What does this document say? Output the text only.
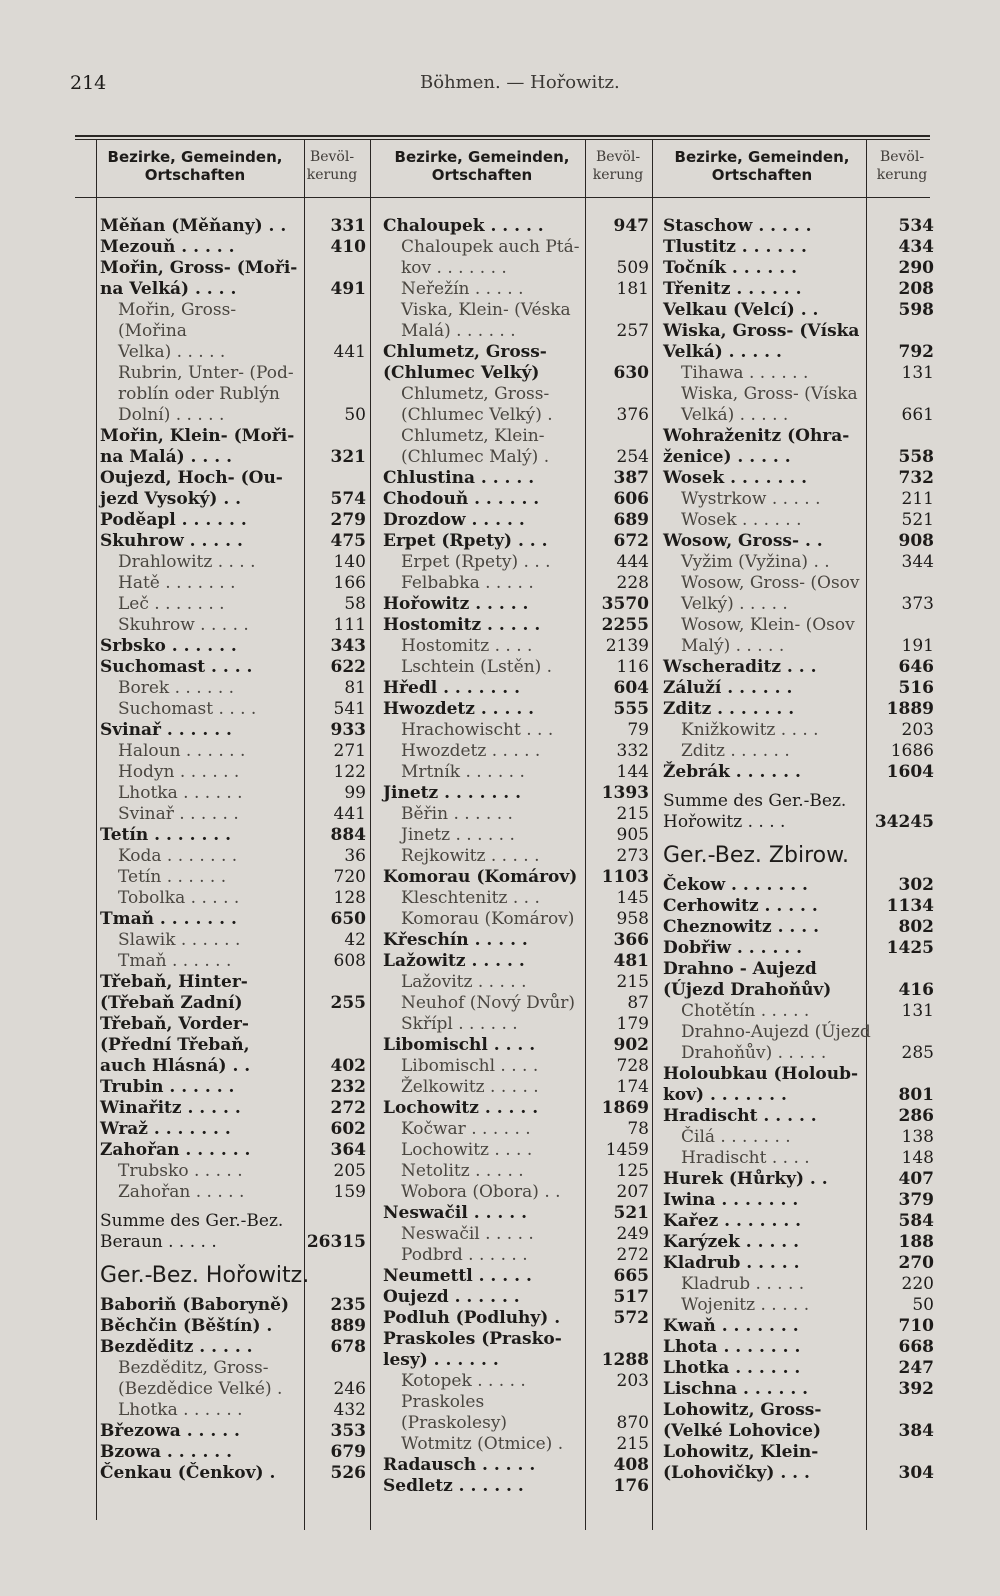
214	Böhmen. — Hořowitz.
Bezirke, Gemeinden, Ortschaften
Bevöl-kerung
Bezirke, Gemeinden, Ortschaften
Bevöl-kerung
Bezirke, Gemeinden, Ortschaften
Bevöl-kerung
Měňan (Měňany) . .	331
Mezouň . . . . .	410
Mořin, Gross- (Moři-
na Velká) . . . .	491
Mořin, Gross-(Mořina
Velka) . . . . .	441
Rubrin, Unter- (Pod-
roblín oder Rublýn
Dolní) . . . . .	50
Mořin, Klein- (Moři-
na Malá) . . . .	321
Oujezd, Hoch- (Ou-
jezd Vysoký) . .	574
Poděapl . . . . . .	279
Skuhrow . . . . .	475
Drahlowitz . . . .	140
Hatě . . . . . . .	166
Leč . . . . . . .	58
Skuhrow . . . . .	111
Srbsko . . . . . .	343
Suchomast . . . .	622
Borek . . . . . .	81
Suchomast . . . .	541
Svinař . . . . . .	933
Haloun . . . . . .	271
Hodyn . . . . . .	122
Lhotka . . . . . .	99
Svinař . . . . . .	441
Tetín . . . . . . .	884
Koda . . . . . . .	36
Tetín . . . . . .	720
Tobolka . . . . .	128
Tmaň . . . . . . .	650
Slawik . . . . . .	42
Tmaň . . . . . .	608
Třebaň, Hinter-
(Třebaň Zadní)	255
Třebaň, Vorder-
(Přední Třebaň,
auch Hlásná) . .	402
Trubin . . . . . .	232
Winařitz . . . . .	272
Wraž . . . . . . .	602
Zahořan . . . . . .	364
Trubsko . . . . .	205
Zahořan . . . . .	159
Summe des Ger.-Bez.
Beraun . . . . .	26315
Ger.-Bez. Hořowitz.
Baboriň (Baboryně)	235
Běchčin (Běštín) .	889
Bezděditz . . . . .	678
Bezděditz, Gross-
(Bezdědice Velké) .	246
Lhotka . . . . . .	432
Březowa . . . . .	353
Bzowa . . . . . .	679
Čenkau (Čenkov) .	526
Chaloupek . . . . .	947
Chaloupek auch Ptá-
kov . . . . . . .	509
Neřežín . . . . .	181
Viska, Klein- (Véska
Malá) . . . . . .	257
Chlumetz, Gross-
(Chlumec Velký)	630
Chlumetz, Gross-
(Chlumec Velký) .	376
Chlumetz, Klein-
(Chlumec Malý) .	254
Chlustina . . . . .	387
Chodouň . . . . . .	606
Drozdow . . . . .	689
Erpet (Rpety) . . .	672
Erpet (Rpety) . . .	444
Felbabka . . . . .	228
Hořowitz . . . . .	3570
Hostomitz . . . . .	2255
Hostomitz . . . .	2139
Lschtein (Lstěn) .	116
Hředl . . . . . . .	604
Hwozdetz . . . . .	555
Hrachowischt . . .	79
Hwozdetz . . . . .	332
Mrtník . . . . . .	144
Jinetz . . . . . . .	1393
Běřin . . . . . .	215
Jinetz . . . . . .	905
Rejkowitz . . . . .	273
Komorau (Komárov)	1103
Kleschtenitz . . .	145
Komorau (Komárov)	958
Křeschín . . . . .	366
Lažowitz . . . . .	481
Lažovitz . . . . .	215
Neuhof (Nový Dvůr)	87
Skřípl . . . . . .	179
Libomischl . . . .	902
Libomischl . . . .	728
Želkowitz . . . . .	174
Lochowitz . . . . .	1869
Kočwar . . . . . .	78
Lochowitz . . . .	1459
Netolitz . . . . .	125
Wobora (Obora) . .	207
Neswačil . . . . .	521
Neswačil . . . . .	249
Podbrd . . . . . .	272
Neumettl . . . . .	665
Oujezd . . . . . .	517
Podluh (Podluhy) .	572
Praskoles (Prasko-
lesy) . . . . . .	1288
Kotopek . . . . .	203
Praskoles (Praskolesy)	870
Wotmitz (Otmice) .	215
Radausch . . . . .	408
Sedletz . . . . . .	176
Staschow . . . . .	534
Tlustitz . . . . . .	434
Točník . . . . . .	290
Třenitz . . . . . .	208
Velkau (Velcí) . .	598
Wiska, Gross- (Víska
Velká) . . . . .	792
Tihawa . . . . . .	131
Wiska, Gross- (Víska
Velká) . . . . .	661
Wohraženitz (Ohra-
ženice) . . . . .	558
Wosek . . . . . . .	732
Wystrkow . . . . .	211
Wosek . . . . . .	521
Wosow, Gross- . .	908
Vyžim (Vyžina) . .	344
Wosow, Gross- (Osov
Velký) . . . . .	373
Wosow, Klein- (Osov
Malý) . . . . .	191
Wscheraditz . . .	646
Záluží . . . . . .	516
Zditz . . . . . . .	1889
Knižkowitz . . . .	203
Zditz . . . . . .	1686
Žebrák . . . . . .	1604
Summe des Ger.-Bez.
Hořowitz . . . .	34245
Ger.-Bez. Zbirow.
Čekow . . . . . . .	302
Cerhowitz . . . . .	1134
Cheznowitz . . . .	802
Dobřiw . . . . . .	1425
Drahno - Aujezd
(Újezd Drahoňův)	416
Chotětín . . . . .	131
Drahno-Aujezd (Újezd
Drahoňův) . . . . .	285
Holoubkau (Holoub-
kov) . . . . . . .	801
Hradischt . . . . .	286
Čilá . . . . . . .	138
Hradischt . . . .	148
Hurek (Hůrky) . .	407
Iwina . . . . . . .	379
Kařez . . . . . . .	584
Karýzek . . . . .	188
Kladrub . . . . .	270
Kladrub . . . . .	220
Wojenitz . . . . .	50
Kwaň . . . . . . .	710
Lhota . . . . . . .	668
Lhotka . . . . . .	247
Lischna . . . . . .	392
Lohowitz, Gross-
(Velké Lohovice)	384
Lohowitz, Klein-
(Lohovičky) . . .	304
